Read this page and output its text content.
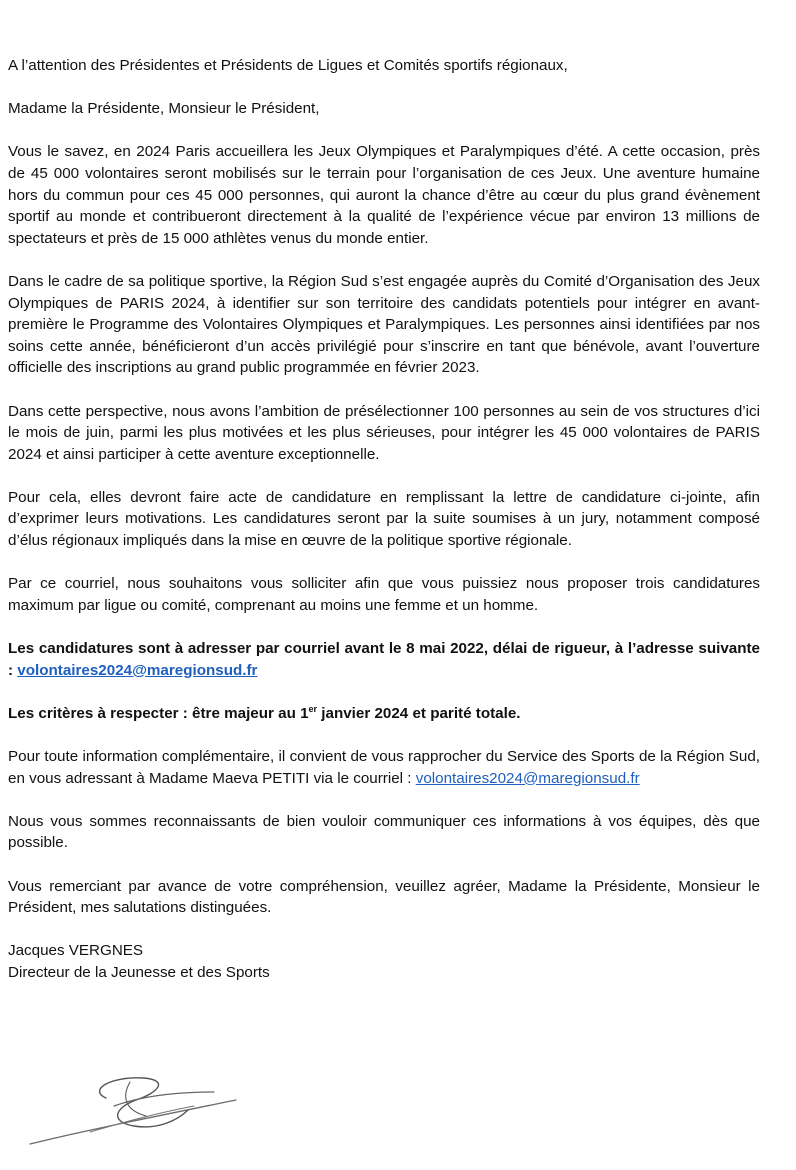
A l’attention des Présidentes et Présidents de Ligues et Comités sportifs régionaux,

Madame la Présidente, Monsieur le Président,

Vous le savez, en 2024 Paris accueillera les Jeux Olympiques et Paralympiques d’été. A cette occasion, près de 45 000 volontaires seront mobilisés sur le terrain pour l’organisation de ces Jeux. Une aventure humaine hors du commun pour ces 45 000 personnes, qui auront la chance d’être au cœur du plus grand évènement sportif au monde et contribueront directement à la qualité de l’expérience vécue par environ 13 millions de spectateurs et près de 15 000 athlètes venus du monde entier.

Dans le cadre de sa politique sportive, la Région Sud s’est engagée auprès du Comité d’Organisation des Jeux Olympiques de PARIS 2024, à identifier sur son territoire des candidats potentiels pour intégrer en avant-première le Programme des Volontaires Olympiques et Paralympiques. Les personnes ainsi identifiées par nos soins cette année, bénéficieront d’un accès privilégié pour s’inscrire en tant que bénévole, avant l’ouverture officielle des inscriptions au grand public programmée en février 2023.

Dans cette perspective, nous avons l’ambition de présélectionner 100 personnes au sein de vos structures d’ici le mois de juin, parmi les plus motivées et les plus sérieuses, pour intégrer les 45 000 volontaires de PARIS 2024 et ainsi participer à cette aventure exceptionnelle.

Pour cela, elles devront faire acte de candidature en remplissant la lettre de candidature ci-jointe, afin d’exprimer leurs motivations. Les candidatures seront par la suite soumises à un jury, notamment composé d’élus régionaux impliqués dans la mise en œuvre de la politique sportive régionale.

Par ce courriel, nous souhaitons vous solliciter afin que vous puissiez nous proposer trois candidatures maximum par ligue ou comité, comprenant au moins une femme et un homme.

Les candidatures sont à adresser par courriel avant le 8 mai 2022, délai de rigueur, à l’adresse suivante : volontaires2024@maregionsud.fr

Les critères à respecter : être majeur au 1er janvier 2024 et parité totale.

Pour toute information complémentaire, il convient de vous rapprocher du Service des Sports de la Région Sud, en vous adressant à Madame Maeva PETITI via le courriel : volontaires2024@maregionsud.fr

Nous vous sommes reconnaissants de bien vouloir communiquer ces informations à vos équipes, dès que possible.

Vous remerciant par avance de votre compréhension, veuillez agréer, Madame la Présidente, Monsieur le Président, mes salutations distinguées.

Jacques VERGNES
Directeur de la Jeunesse et des Sports
